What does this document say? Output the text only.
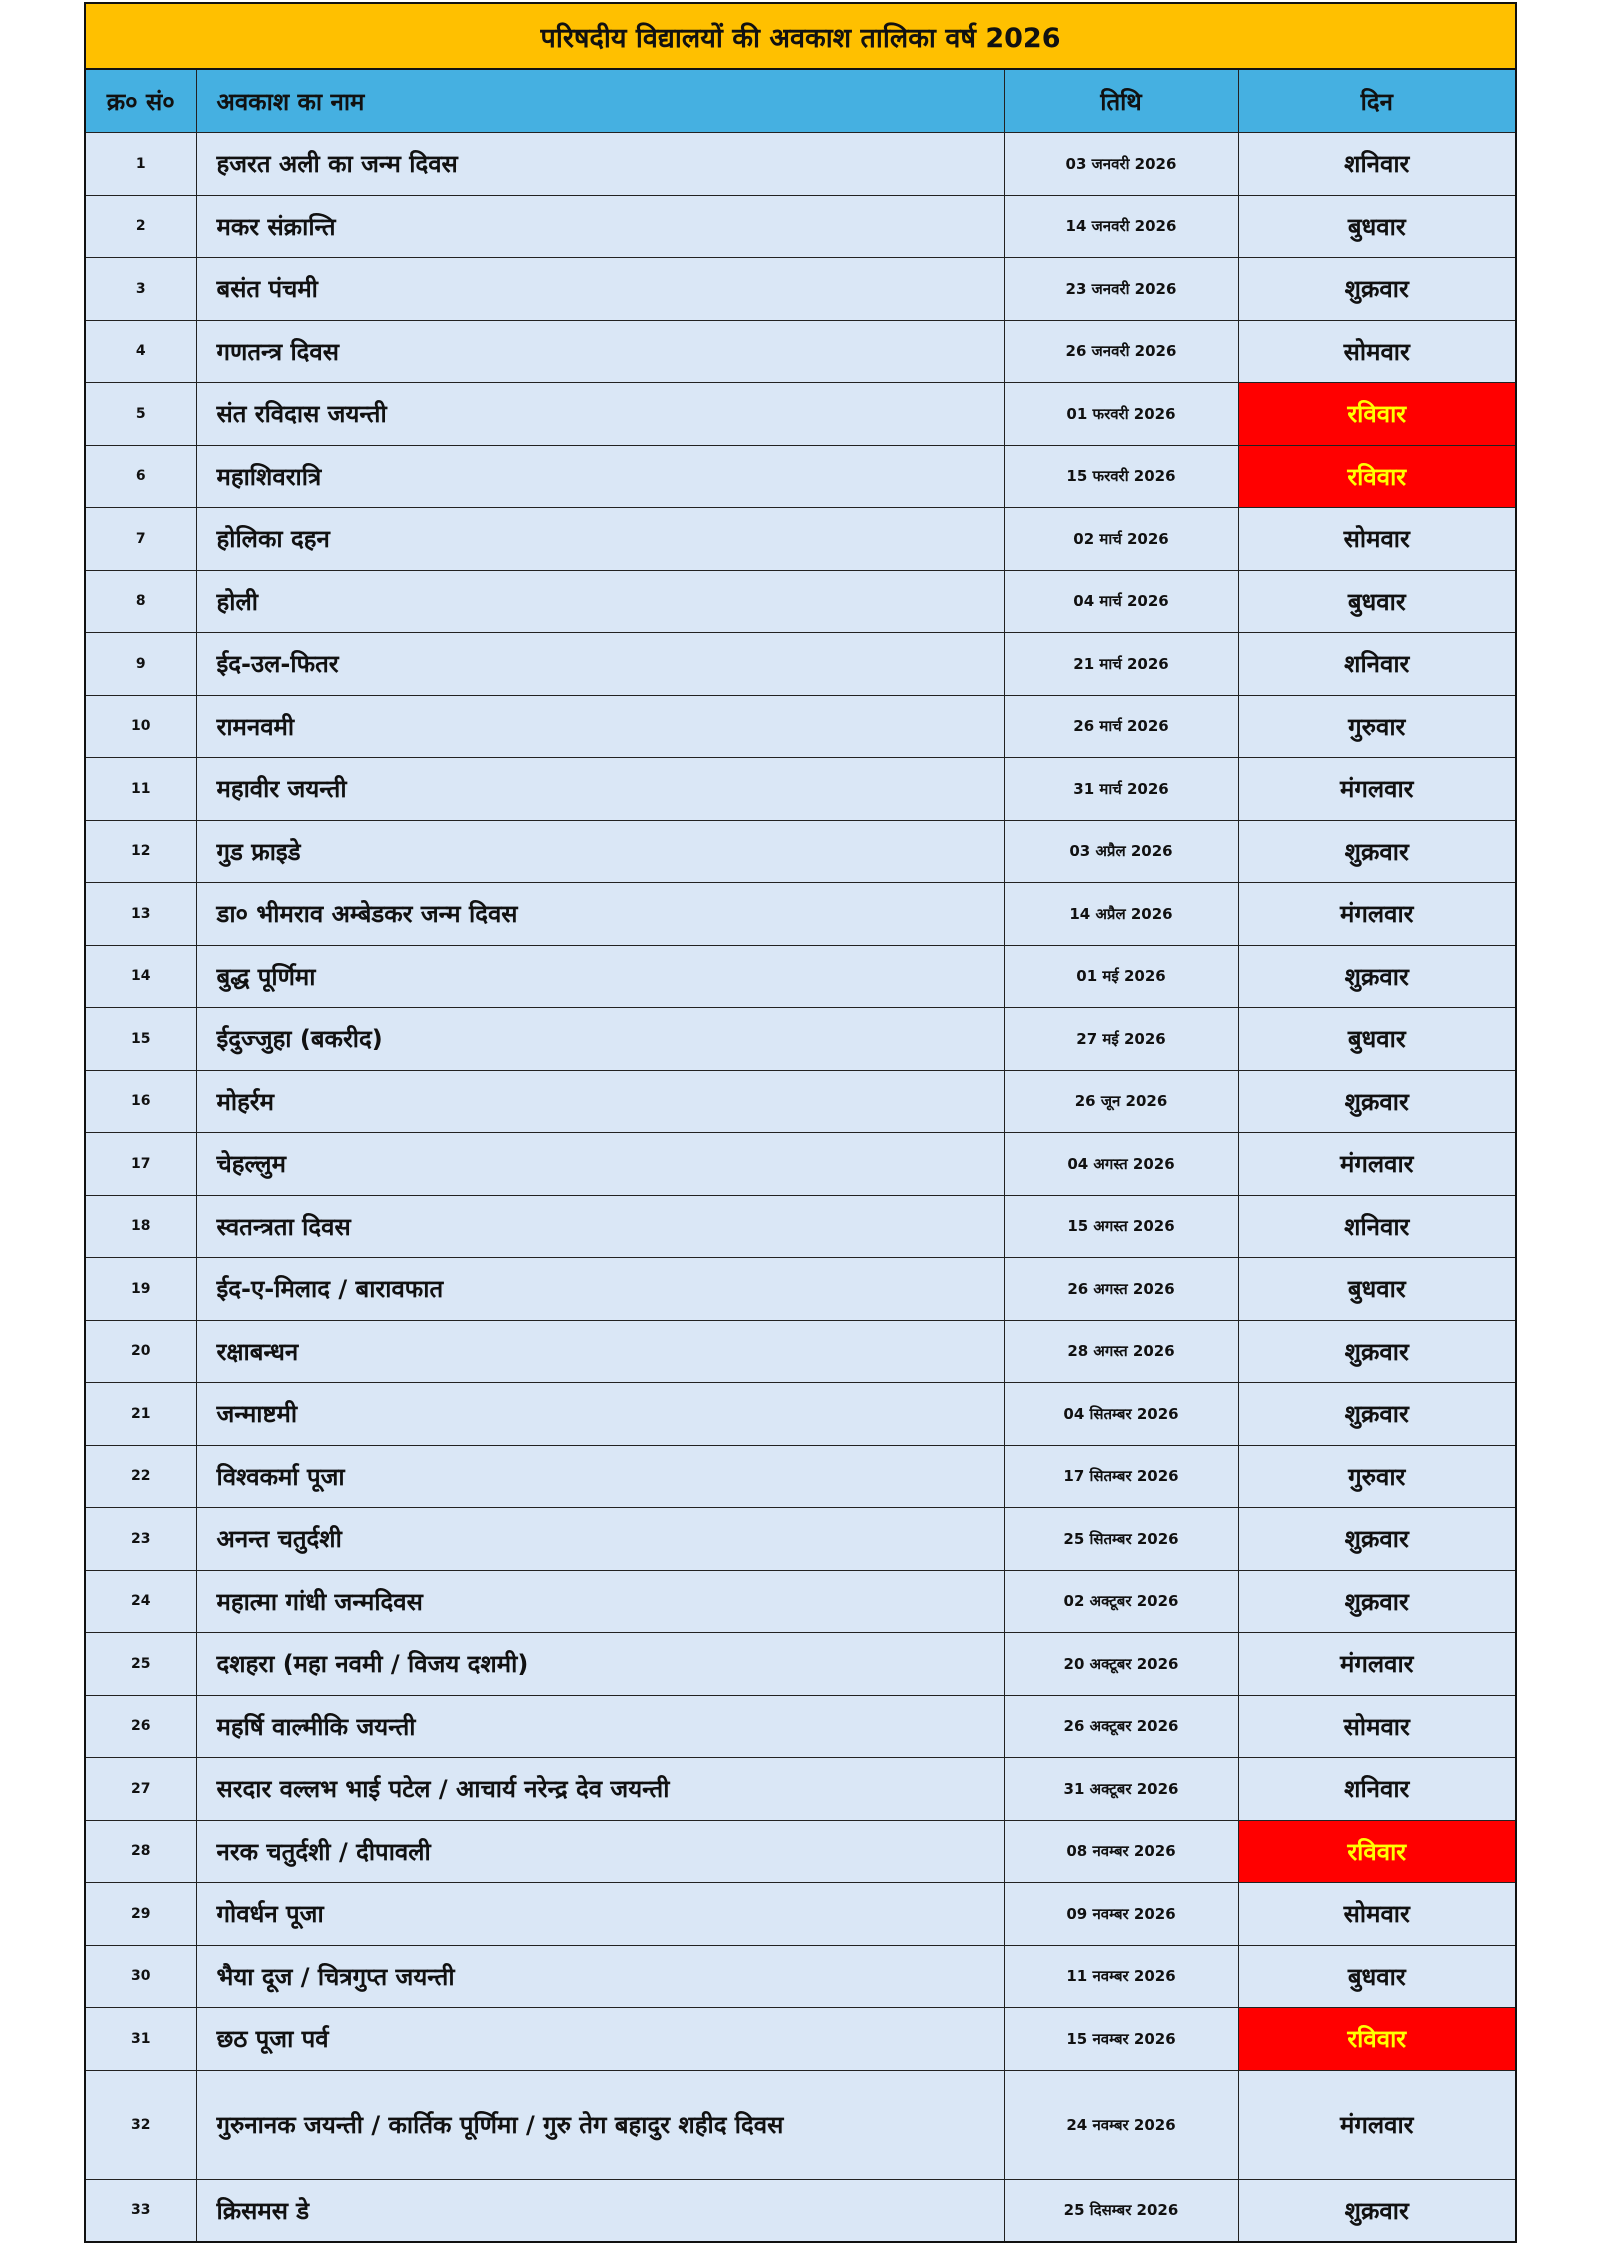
परिषदीय विद्यालयों की अवकाश तालिका वर्ष 2026
क्र० सं०	अवकाश का नाम	तिथि	दिन
1	हजरत अली का जन्म दिवस	03 जनवरी 2026	शनिवार
2	मकर संक्रान्ति	14 जनवरी 2026	बुधवार
3	बसंत पंचमी	23 जनवरी 2026	शुक्रवार
4	गणतन्त्र दिवस	26 जनवरी 2026	सोमवार
5	संत रविदास जयन्ती	01 फरवरी 2026	रविवार
6	महाशिवरात्रि	15 फरवरी 2026	रविवार
7	होलिका दहन	02 मार्च 2026	सोमवार
8	होली	04 मार्च 2026	बुधवार
9	ईद-उल-फितर	21 मार्च 2026	शनिवार
10	रामनवमी	26 मार्च 2026	गुरुवार
11	महावीर जयन्ती	31 मार्च 2026	मंगलवार
12	गुड फ्राइडे	03 अप्रैल 2026	शुक्रवार
13	डा० भीमराव अम्बेडकर जन्म दिवस	14 अप्रैल 2026	मंगलवार
14	बुद्ध पूर्णिमा	01 मई 2026	शुक्रवार
15	ईदुज्जुहा (बकरीद)	27 मई 2026	बुधवार
16	मोहर्रम	26 जून 2026	शुक्रवार
17	चेहल्लुम	04 अगस्त 2026	मंगलवार
18	स्वतन्त्रता दिवस	15 अगस्त 2026	शनिवार
19	ईद-ए-मिलाद / बारावफात	26 अगस्त 2026	बुधवार
20	रक्षाबन्धन	28 अगस्त 2026	शुक्रवार
21	जन्माष्टमी	04 सितम्बर 2026	शुक्रवार
22	विश्वकर्मा पूजा	17 सितम्बर 2026	गुरुवार
23	अनन्त चतुर्दशी	25 सितम्बर 2026	शुक्रवार
24	महात्मा गांधी जन्मदिवस	02 अक्टूबर 2026	शुक्रवार
25	दशहरा (महा नवमी / विजय दशमी)	20 अक्टूबर 2026	मंगलवार
26	महर्षि वाल्मीकि जयन्ती	26 अक्टूबर 2026	सोमवार
27	सरदार वल्लभ भाई पटेल / आचार्य नरेन्द्र देव जयन्ती	31 अक्टूबर 2026	शनिवार
28	नरक चतुर्दशी / दीपावली	08 नवम्बर 2026	रविवार
29	गोवर्धन पूजा	09 नवम्बर 2026	सोमवार
30	भैया दूज / चित्रगुप्त जयन्ती	11 नवम्बर 2026	बुधवार
31	छठ पूजा पर्व	15 नवम्बर 2026	रविवार
32	गुरुनानक जयन्ती / कार्तिक पूर्णिमा / गुरु तेग बहादुर शहीद दिवस	24 नवम्बर 2026	मंगलवार
33	क्रिसमस डे	25 दिसम्बर 2026	शुक्रवार
